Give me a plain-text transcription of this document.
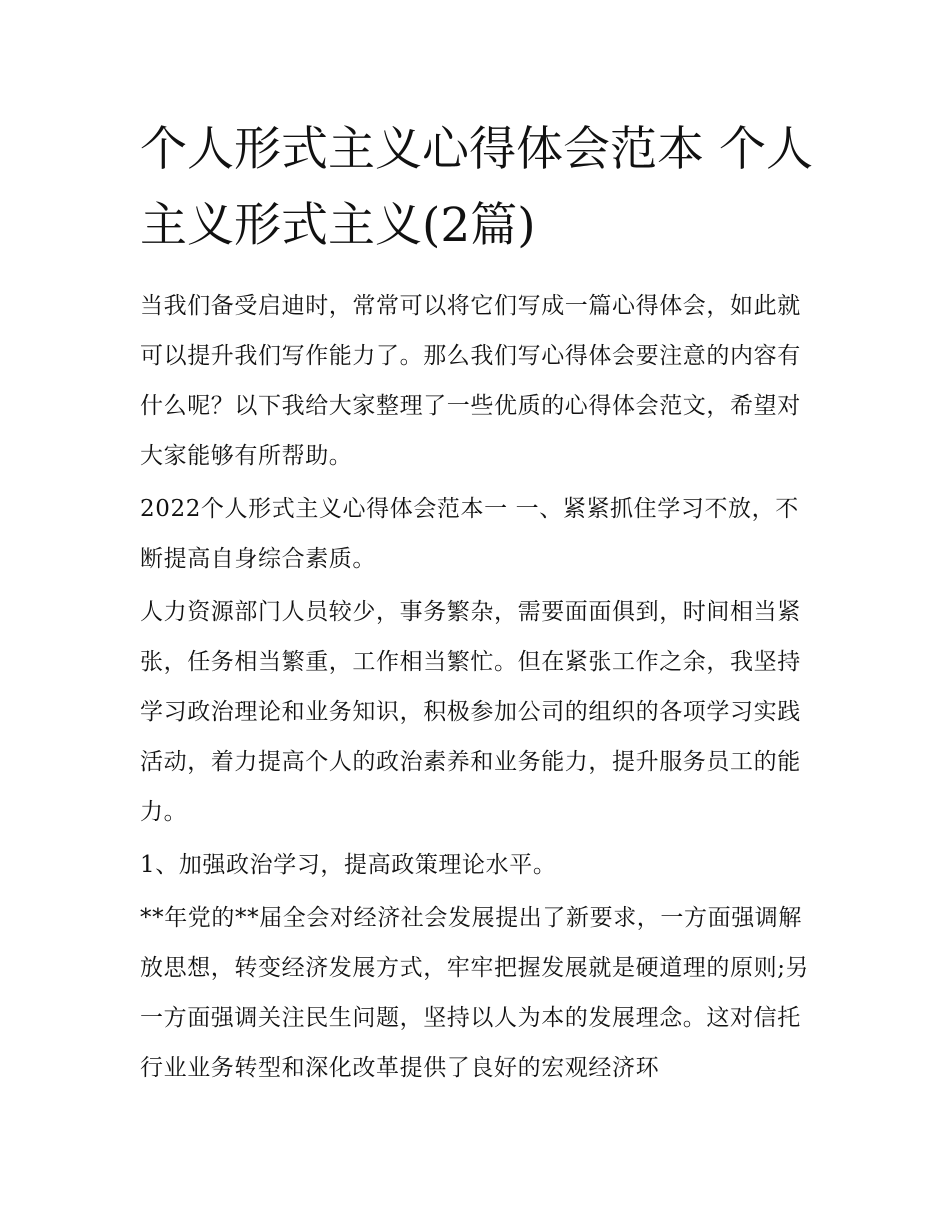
个人形式主义心得体会范本 个人主义形式主义(2篇)

当我们备受启迪时，常常可以将它们写成一篇心得体会，如此就可以提升我们写作能力了。那么我们写心得体会要注意的内容有什么呢？以下我给大家整理了一些优质的心得体会范文，希望对大家能够有所帮助。

2022个人形式主义心得体会范本一 一、紧紧抓住学习不放，不断提高自身综合素质。

人力资源部门人员较少，事务繁杂，需要面面俱到，时间相当紧张，任务相当繁重，工作相当繁忙。但在紧张工作之余，我坚持学习政治理论和业务知识，积极参加公司的组织的各项学习实践活动，着力提高个人的政治素养和业务能力，提升服务员工的能力。

1、加强政治学习，提高政策理论水平。

**年党的**届全会对经济社会发展提出了新要求，一方面强调解放思想，转变经济发展方式，牢牢把握发展就是硬道理的原则;另一方面强调关注民生问题，坚持以人为本的发展理念。这对信托行业业务转型和深化改革提供了良好的宏观经济环
